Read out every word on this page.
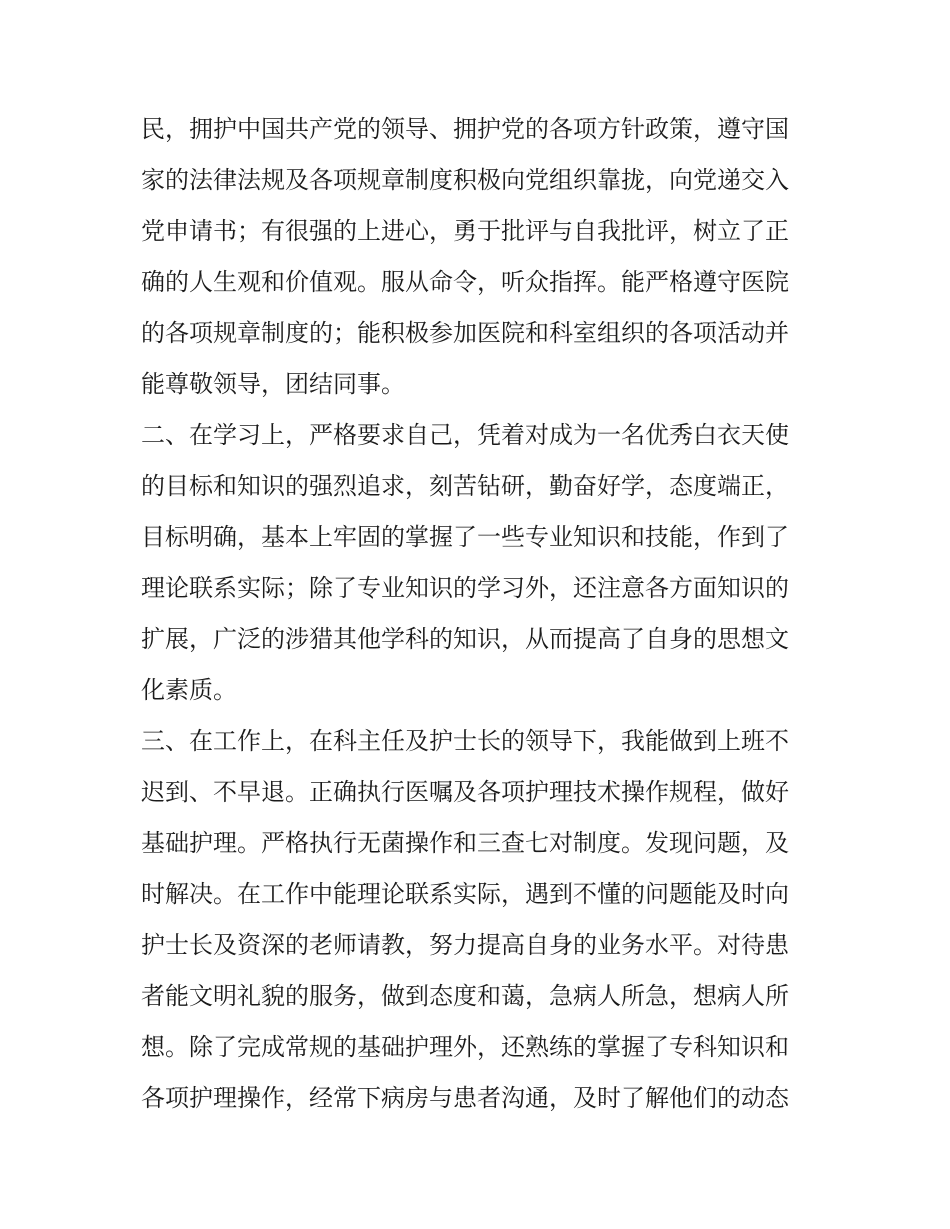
民，拥护中国共产党的领导、拥护党的各项方针政策，遵守国
家的法律法规及各项规章制度积极向党组织靠拢，向党递交入
党申请书；有很强的上进心，勇于批评与自我批评，树立了正
确的人生观和价值观。服从命令，听众指挥。能严格遵守医院
的各项规章制度的；能积极参加医院和科室组织的各项活动并
能尊敬领导，团结同事。
二、在学习上，严格要求自己，凭着对成为一名优秀白衣天使
的目标和知识的强烈追求，刻苦钻研，勤奋好学，态度端正，
目标明确，基本上牢固的掌握了一些专业知识和技能，作到了
理论联系实际；除了专业知识的学习外，还注意各方面知识的
扩展，广泛的涉猎其他学科的知识，从而提高了自身的思想文
化素质。
三、在工作上，在科主任及护士长的领导下，我能做到上班不
迟到、不早退。正确执行医嘱及各项护理技术操作规程，做好
基础护理。严格执行无菌操作和三查七对制度。发现问题，及
时解决。在工作中能理论联系实际，遇到不懂的问题能及时向
护士长及资深的老师请教，努力提高自身的业务水平。对待患
者能文明礼貌的服务，做到态度和蔼，急病人所急，想病人所
想。除了完成常规的基础护理外，还熟练的掌握了专科知识和
各项护理操作，经常下病房与患者沟通，及时了解他们的动态
